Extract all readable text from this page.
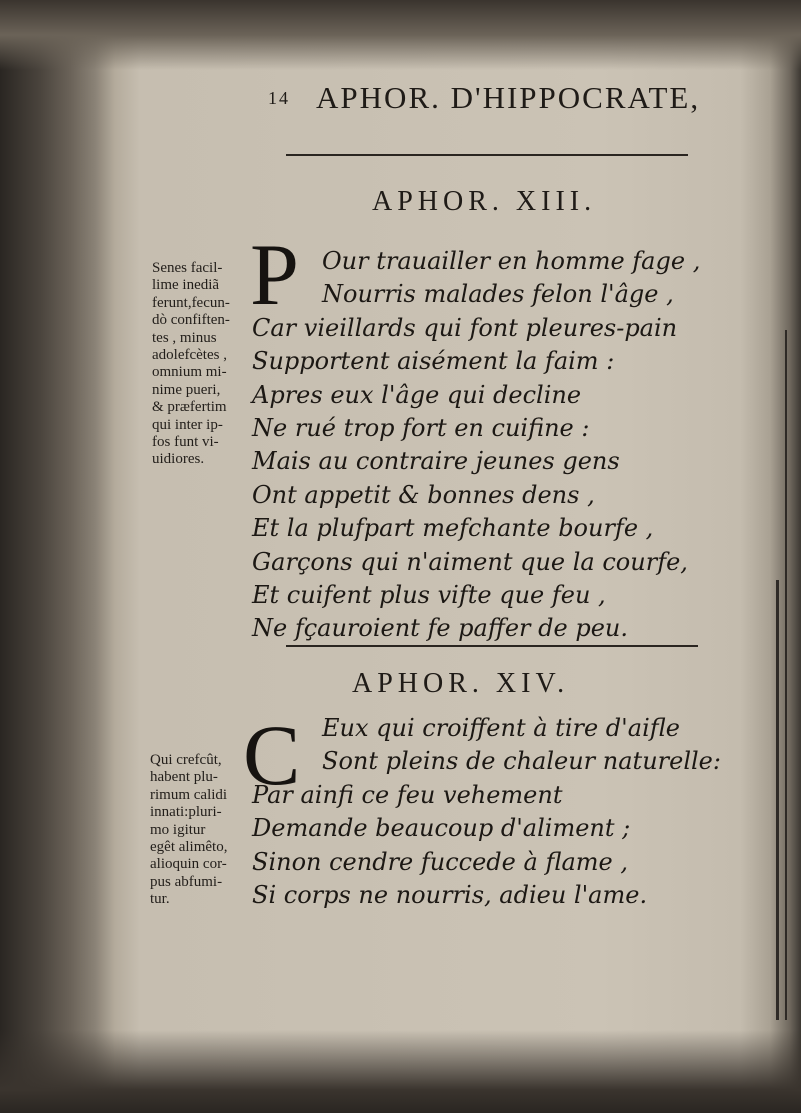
14 APHOR. D'HIPPOCRATE,
APHOR. XIII.
Senes facil-
lime inediã
ferunt,fecun-
dò confiften-
tes , minus
adolefcètes ,
omnium mi-
nime pueri,
& præfertim
qui inter ip-
fos funt vi-
uidiores.
P Our trauailler en homme fage ,
Nourris malades felon l'âge ,
Car vieillards qui font pleures-pain
Supportent aisément la faim :
Apres eux l'âge qui decline
Ne rué trop fort en cuifine :
Mais au contraire jeunes gens
Ont appetit & bonnes dens ,
Et la plufpart mefchante bourfe ,
Garçons qui n'aiment que la courfe,
Et cuifent plus vifte que feu ,
Ne fçauroient fe paffer de peu.
APHOR. XIV.
Qui crefcût,
habent plu-
rimum calidi
innati:pluri-
mo igitur
egêt alimêto,
alioquin cor-
pus abfumi-
tur.
C Eux qui croiffent à tire d'aifle
Sont pleins de chaleur naturelle:
Par ainfi ce feu vehement
Demande beaucoup d'aliment ;
Sinon cendre fuccede à flame ,
Si corps ne nourris, adieu l'ame.
